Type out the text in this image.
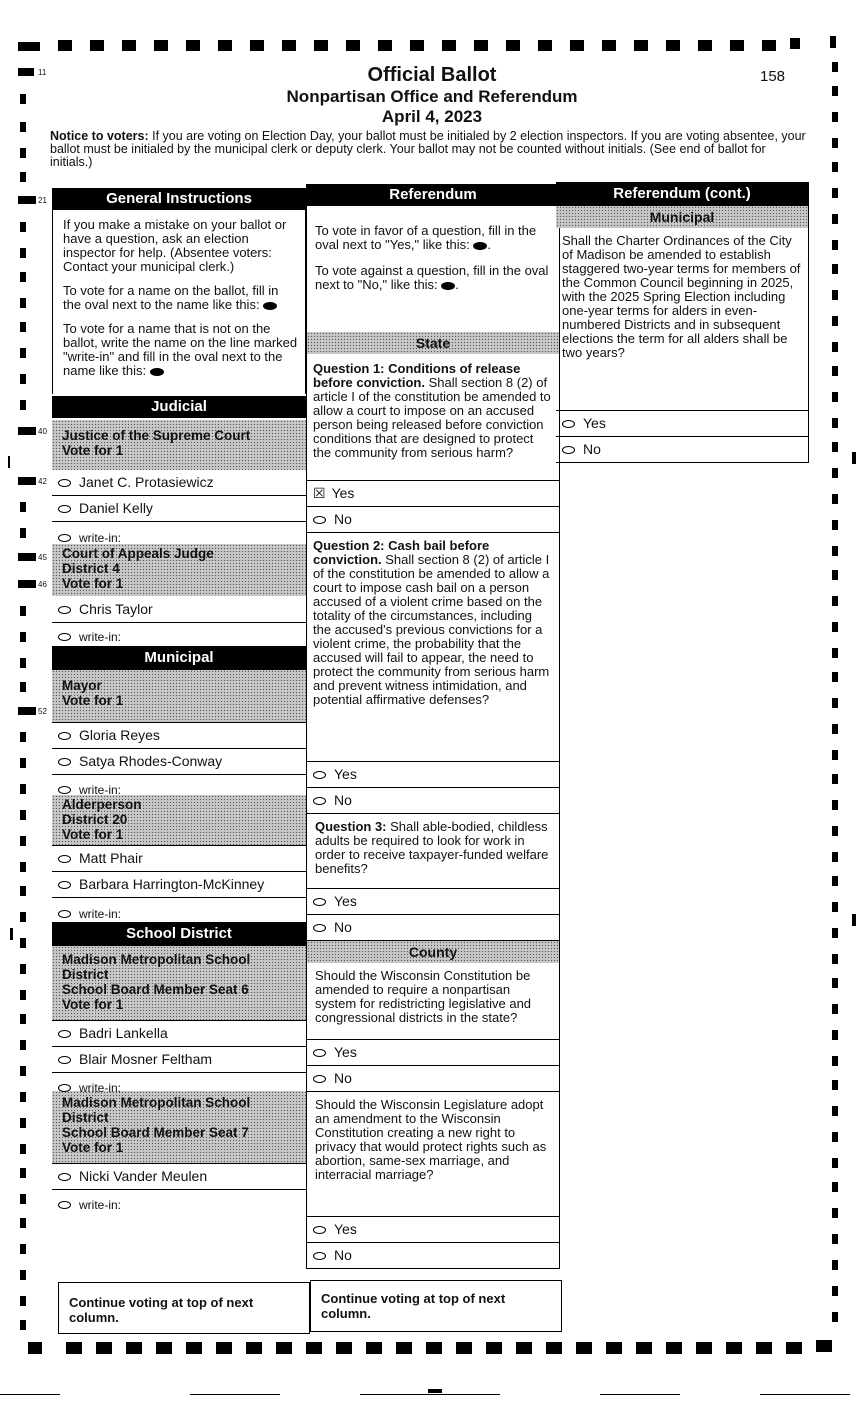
11
21
40
42
45
46
52
Official Ballot
Nonpartisan Office and Referendum
April 4, 2023
158
Notice to voters: If you are voting on Election Day, your ballot must be initialed by 2 election inspectors. If you are voting absentee, your ballot must be initialed by the municipal clerk or deputy clerk. Your ballot may not be counted without initials. (See end of ballot for initials.)
General Instructions
If you make a mistake on your ballot or have a question, ask an election inspector for help. (Absentee voters: Contact your municipal clerk.)
To vote for a name on the ballot, fill in the oval next to the name like this:
To vote for a name that is not on the ballot, write the name on the line marked "write-in" and fill in the oval next to the name like this:
Judicial
Justice of the Supreme Court
Vote for 1
Janet C. Protasiewicz
Daniel Kelly
write-in:
Court of Appeals Judge
District 4
Vote for 1
Chris Taylor
write-in:
Municipal
Mayor
Vote for 1
Gloria Reyes
Satya Rhodes-Conway
write-in:
Alderperson
District 20
Vote for 1
Matt Phair
Barbara Harrington-McKinney
write-in:
School District
Madison Metropolitan School
District
School Board Member Seat 6
Vote for 1
Badri Lankella
Blair Mosner Feltham
write-in:
Madison Metropolitan School
District
School Board Member Seat 7
Vote for 1
Nicki Vander Meulen
write-in:
Continue voting at top of next column.
Referendum
To vote in favor of a question, fill in the oval next to "Yes," like this: .
To vote against a question, fill in the oval next to "No," like this: .
State
Question 1: Conditions of release before conviction. Shall section 8 (2) of article I of the constitution be amended to allow a court to impose on an accused person being released before conviction conditions that are designed to protect the community from serious harm?
☒ Yes
No
Question 2: Cash bail before conviction. Shall section 8 (2) of article I of the constitution be amended to allow a court to impose cash bail on a person accused of a violent crime based on the totality of the circumstances, including the accused's previous convictions for a violent crime, the probability that the accused will fail to appear, the need to protect the community from serious harm and prevent witness intimidation, and potential affirmative defenses?
Yes
No
Question 3: Shall able-bodied, childless adults be required to look for work in order to receive taxpayer-funded welfare benefits?
Yes
No
County
Should the Wisconsin Constitution be amended to require a nonpartisan system for redistricting legislative and congressional districts in the state?
Yes
No
Should the Wisconsin Legislature adopt an amendment to the Wisconsin Constitution creating a new right to privacy that would protect rights such as abortion, same-sex marriage, and interracial marriage?
Yes
No
Continue voting at top of next column.
Referendum (cont.)
Municipal
Shall the Charter Ordinances of the City of Madison be amended to establish staggered two-year terms for members of the Common Council beginning in 2025, with the 2025 Spring Election including one-year terms for alders in even-numbered Districts and in subsequent elections the term for all alders shall be two years?
Yes
No
